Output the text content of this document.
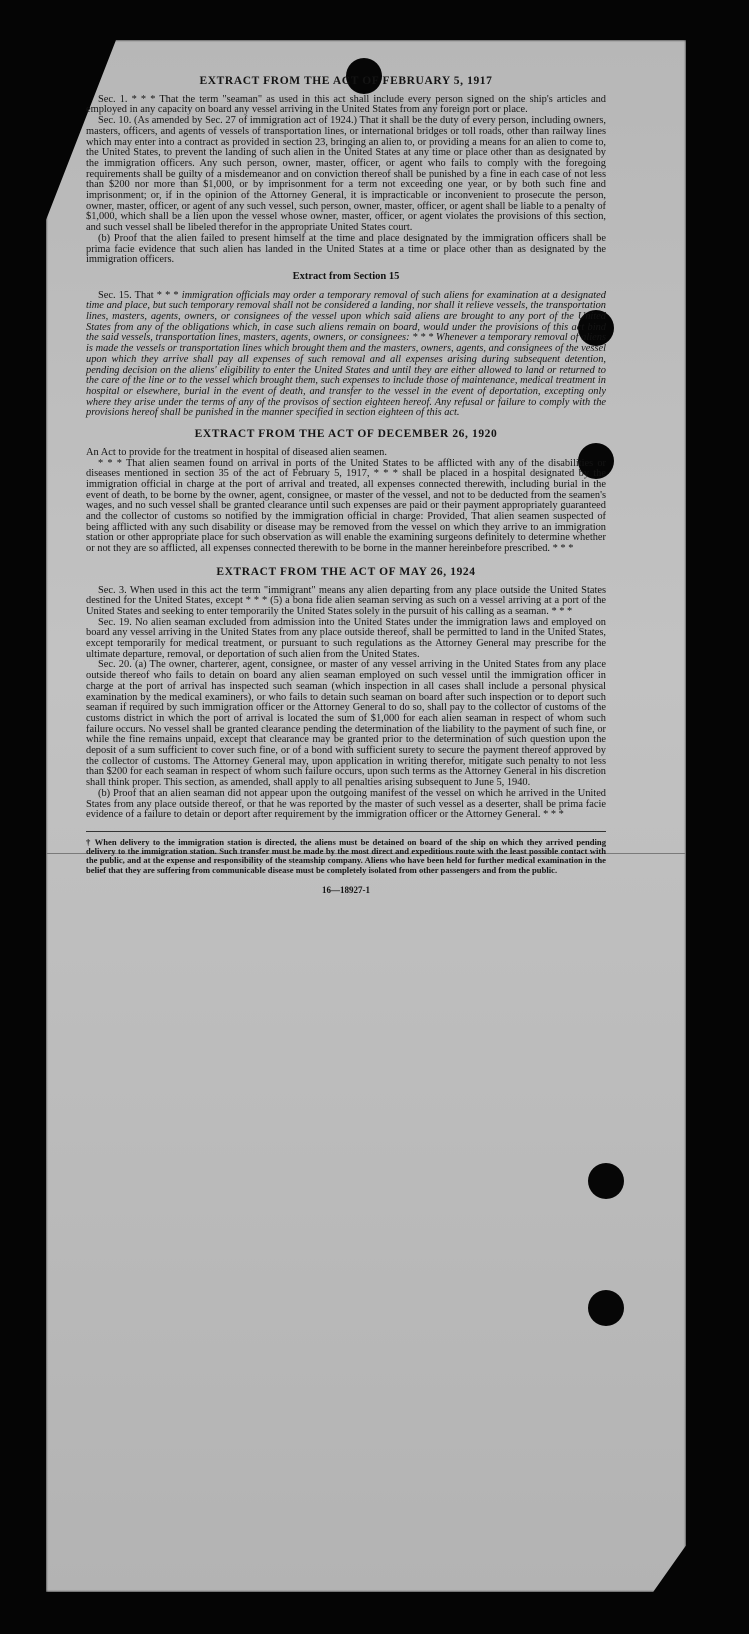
EXTRACT FROM THE ACT OF FEBRUARY 5, 1917

Sec. 1. * * * That the term "seaman" as used in this act shall include every person signed on the ship's articles and employed in any capacity on board any vessel arriving in the United States from any foreign port or place.

Sec. 10. (As amended by Sec. 27 of immigration act of 1924.) That it shall be the duty of every person, including owners, masters, officers, and agents of vessels of transportation lines, or international bridges or toll roads, other than railway lines which may enter into a contract as provided in section 23, bringing an alien to, or providing a means for an alien to come to, the United States, to prevent the landing of such alien in the United States at any time or place other than as designated by the immigration officers. Any such person, owner, master, officer, or agent who fails to comply with the foregoing requirements shall be guilty of a misdemeanor and on conviction thereof shall be punished by a fine in each case of not less than $200 nor more than $1,000, or by imprisonment for a term not exceeding one year, or by both such fine and imprisonment; or, if in the opinion of the Attorney General, it is impracticable or inconvenient to prosecute the person, owner, master, officer, or agent of any such vessel, such person, owner, master, officer, or agent shall be liable to a penalty of $1,000, which shall be a lien upon the vessel whose owner, master, officer, or agent violates the provisions of this section, and such vessel shall be libeled therefor in the appropriate United States court.

(b) Proof that the alien failed to present himself at the time and place designated by the immigration officers shall be prima facie evidence that such alien has landed in the United States at a time or place other than as designated by the immigration officers.

Extract from Section 15

Sec. 15. That * * * immigration officials may order a temporary removal of such aliens for examination at a designated time and place, but such temporary removal shall not be considered a landing, nor shall it relieve vessels, the transportation lines, masters, agents, owners, or consignees of the vessel upon which said aliens are brought to any port of the United States from any of the obligations which, in case such aliens remain on board, would under the provisions of this act bind the said vessels, transportation lines, masters, agents, owners, or consignees: * * * Whenever a temporary removal of aliens is made the vessels or transportation lines which brought them and the masters, owners, agents, and consignees of the vessel upon which they arrive shall pay all expenses of such removal and all expenses arising during subsequent detention, pending decision on the aliens' eligibility to enter the United States and until they are either allowed to land or returned to the care of the line or to the vessel which brought them, such expenses to include those of maintenance, medical treatment in hospital or elsewhere, burial in the event of death, and transfer to the vessel in the event of deportation, excepting only where they arise under the terms of any of the provisos of section eighteen hereof. Any refusal or failure to comply with the provisions hereof shall be punished in the manner specified in section eighteen of this act.

EXTRACT FROM THE ACT OF DECEMBER 26, 1920

An Act to provide for the treatment in hospital of diseased alien seamen.

* * * That alien seamen found on arrival in ports of the United States to be afflicted with any of the disabilities or diseases mentioned in section 35 of the act of February 5, 1917, * * * shall be placed in a hospital designated by the immigration official in charge at the port of arrival and treated, all expenses connected therewith, including burial in the event of death, to be borne by the owner, agent, consignee, or master of the vessel, and not to be deducted from the seamen's wages, and no such vessel shall be granted clearance until such expenses are paid or their payment appropriately guaranteed and the collector of customs so notified by the immigration official in charge: Provided, That alien seamen suspected of being afflicted with any such disability or disease may be removed from the vessel on which they arrive to an immigration station or other appropriate place for such observation as will enable the examining surgeons definitely to determine whether or not they are so afflicted, all expenses connected therewith to be borne in the manner hereinbefore prescribed. * * *

EXTRACT FROM THE ACT OF MAY 26, 1924

Sec. 3. When used in this act the term "immigrant" means any alien departing from any place outside the United States destined for the United States, except * * * (5) a bona fide alien seaman serving as such on a vessel arriving at a port of the United States and seeking to enter temporarily the United States solely in the pursuit of his calling as a seaman. * * *

Sec. 19. No alien seaman excluded from admission into the United States under the immigration laws and employed on board any vessel arriving in the United States from any place outside thereof, shall be permitted to land in the United States, except temporarily for medical treatment, or pursuant to such regulations as the Attorney General may prescribe for the ultimate departure, removal, or deportation of such alien from the United States.

Sec. 20. (a) The owner, charterer, agent, consignee, or master of any vessel arriving in the United States from any place outside thereof who fails to detain on board any alien seaman employed on such vessel until the immigration officer in charge at the port of arrival has inspected such seaman (which inspection in all cases shall include a personal physical examination by the medical examiners), or who fails to detain such seaman on board after such inspection or to deport such seaman if required by such immigration officer or the Attorney General to do so, shall pay to the collector of customs of the customs district in which the port of arrival is located the sum of $1,000 for each alien seaman in respect of whom such failure occurs. No vessel shall be granted clearance pending the determination of the liability to the payment of such fine, or while the fine remains unpaid, except that clearance may be granted prior to the determination of such question upon the deposit of a sum sufficient to cover such fine, or of a bond with sufficient surety to secure the payment thereof approved by the collector of customs. The Attorney General may, upon application in writing therefor, mitigate such penalty to not less than $200 for each seaman in respect of whom such failure occurs, upon such terms as the Attorney General in his discretion shall think proper. This section, as amended, shall apply to all penalties arising subsequent to June 5, 1940.

(b) Proof that an alien seaman did not appear upon the outgoing manifest of the vessel on which he arrived in the United States from any place outside thereof, or that he was reported by the master of such vessel as a deserter, shall be prima facie evidence of a failure to detain or deport after requirement by the immigration officer or the Attorney General. * * *

† When delivery to the immigration station is directed, the aliens must be detained on board of the ship on which they arrived pending delivery to the immigration station. Such transfer must be made by the most direct and expeditious route with the least possible contact with the public, and at the expense and responsibility of the steamship company. Aliens who have been held for further medical examination in the belief that they are suffering from communicable disease must be completely isolated from other passengers and from the public.
16—18927-1
